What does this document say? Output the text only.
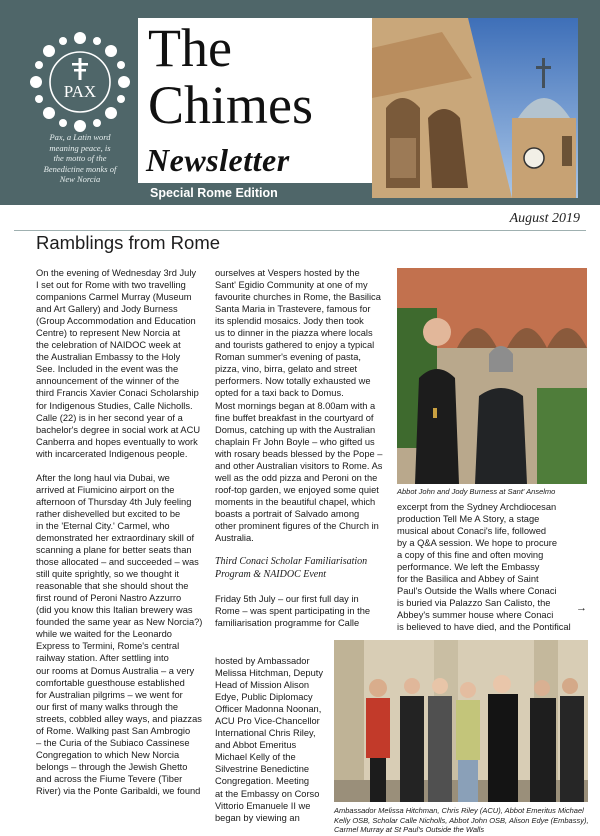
PAX
Pax, a Latin word
meaning peace, is
the motto of the
Benedictine monks of
New Norcia
The
Chimes
Newsletter
Special Rome Edition
August 2019
Ramblings from Rome

On the evening of Wednesday 3rd July

I set out for Rome with two travelling

companions Carmel Murray (Museum

and Art Gallery) and Jody Burness

(Group Accommodation and Education

Centre) to represent New Norcia at

the celebration of NAIDOC week at

the Australian Embassy to the Holy

See. Included in the event was the

announcement of the winner of the

third Francis Xavier Conaci Scholarship

for Indigenous Studies, Calle Nicholls.

Calle (22) is in her second year of a

bachelor's degree in social work at ACU

Canberra and hopes eventually to work

with incarcerated Indigenous people.

After the long haul via Dubai, we

arrived at Fiumicino airport on the

afternoon of Thursday 4th July feeling

rather dishevelled but excited to be

in the 'Eternal City.' Carmel, who

demonstrated her extraordinary skill of

scanning a plane for better seats than

those allocated – and succeeded – was

still quite sprightly, so we thought it

reasonable that she should shout the

first round of Peroni Nastro Azzurro

(did you know this Italian brewery was

founded the same year as New Norcia?)

while we waited for the Leonardo

Express to Termini, Rome's central

railway station. After settling into

our rooms at Domus Australia – a very

comfortable guesthouse established

for Australian pilgrims – we went for

our first of many walks through the

streets, cobbled alley ways, and piazzas

of Rome. Walking past San Ambrogio

– the Curia of the Subiaco Cassinese

Congregation to which New Norcia

belongs – through the Jewish Ghetto

and across the Fiume Tevere (Tiber

River) via the Ponte Garibaldi, we found

ourselves at Vespers hosted by the

Sant' Egidio Community at one of my

favourite churches in Rome, the Basilica

Santa Maria in Trastevere, famous for

its splendid mosaics. Jody then took

us to dinner in the piazza where locals

and tourists gathered to enjoy a typical

Roman summer's evening of pasta,

pizza, vino, birra, gelato and street

performers. Now totally exhausted we

opted for a taxi back to Domus.

Most mornings began at 8.00am with a

fine buffet breakfast in the courtyard of

Domus, catching up with the Australian

chaplain Fr John Boyle – who gifted us

with rosary beads blessed by the Pope –

and other Australian visitors to Rome. As

well as the odd pizza and Peroni on the

roof-top garden, we enjoyed some quiet

moments in the beautiful chapel, which

boasts a portrait of Salvado among

other prominent figures of the Church in

Australia.

Third Conaci Scholar Familiarisation

Program & NAIDOC Event

Friday 5th July – our first full day in

Rome – was spent participating in the

familiarisation programme for Calle

hosted by Ambassador

Melissa Hitchman, Deputy

Head of Mission Alison

Edye, Public Diplomacy

Officer Madonna Noonan,

ACU Pro Vice-Chancellor

International Chris Riley,

and Abbot Emeritus

Michael Kelly of the

Silvestrine Benedictine

Congregation. Meeting

at the Embassy on Corso

Vittorio Emanuele II we

began by viewing an

Abbot John and Jody Burness at Sant' Anselmo

excerpt from the Sydney Archdiocesan

production Tell Me A Story, a stage

musical about Conaci's life, followed

by a Q&A session. We hope to procure

a copy of this fine and often moving

performance. We left the Embassy

for the Basilica and Abbey of Saint

Paul's Outside the Walls where Conaci

is buried via Palazzo San Calisto, the

Abbey's summer house where Conaci

is believed to have died, and the Pontifical

→
Ambassador Melissa Hitchman, Chris Riley (ACU), Abbot Emeritus Michael Kelly OSB, Scholar Calle Nicholls, Abbot John OSB, Alison Edye (Embassy), Carmel Murray at St Paul's Outside the Walls
